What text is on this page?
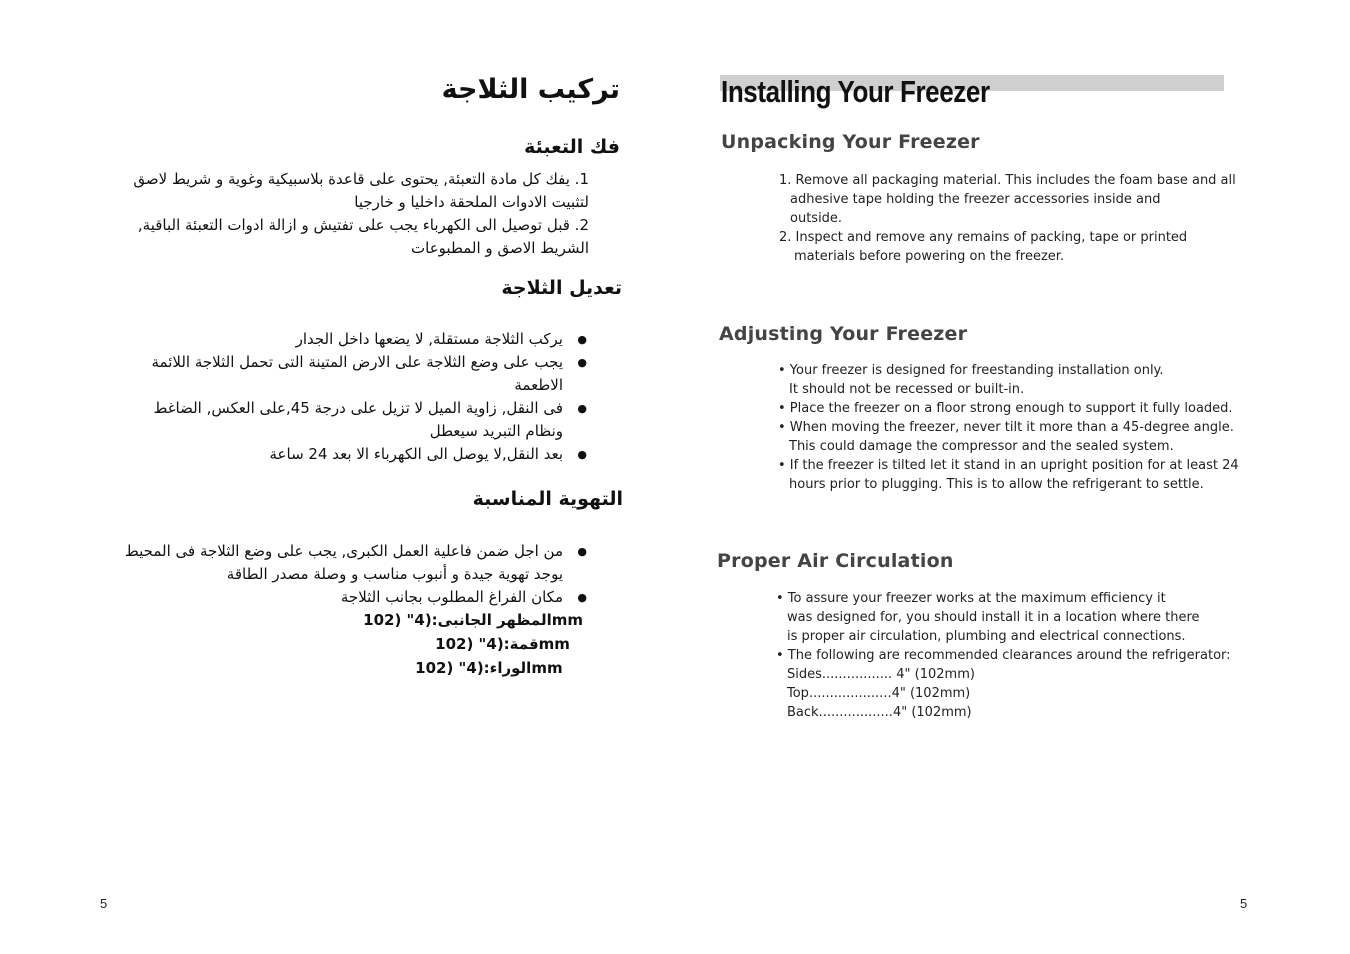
تركيب الثلاجة
فك التعبئة
1. يفك كل مادة التعبئة, يحتوى على قاعدة بلاسبيكية وغوية و شريط لاصق
لتثبيت الادوات الملحقة داخليا و خارجيا
2. قبل توصيل الى الكهرباء يجب على تفتيش و ازالة ادوات التعبئة الباقية,
الشريط الاصق و المطبوعات
تعديل الثلاجة
● يركب الثلاجة مستقلة, لا يضعها داخل الجدار
● يجب على وضع الثلاجة على الارض المتينة التى تحمل الثلاجة اللائمة الاطعمة
● فى النقل, زاوية الميل لا تزيل على درجة 45,على العكس, الضاغط ونظام التبريد سيعطل
● بعد النقل,لا يوصل الى الكهرباء الا بعد 24 ساعة
التهوية المناسبة
● من اجل ضمن فاعلية العمل الكبرى, يجب على وضع الثلاجة فى المحيط يوجد تهوية جيدة و أنبوب مناسب و وصلة مصدر الطاقة
● مكان الفراغ المطلوب بجانب الثلاجة
المظهر الجانبى:(4" (102mm
قمة:(4" (102mm
الوراء:(4" (102mm
5
Installing Your Freezer
Unpacking Your Freezer
1. Remove all packaging material. This includes the foam base and all
adhesive tape holding the freezer accessories inside and
outside.
2. Inspect and remove any remains of packing, tape or printed
materials before powering on the freezer.
Adjusting Your Freezer
• Your freezer is designed for freestanding installation only.
It should not be recessed or built-in.
• Place the freezer on a floor strong enough to support it fully loaded.
• When moving the freezer, never tilt it more than a 45-degree angle.
This could damage the compressor and the sealed system.
• If the freezer is tilted let it stand in an upright position for at least 24
hours prior to plugging. This is to allow the refrigerant to settle.
Proper Air Circulation
• To assure your freezer works at the maximum efficiency it
was designed for, you should install it in a location where there
is proper air circulation, plumbing and electrical connections.
• The following are recommended clearances around the refrigerator:
Sides................. 4" (102mm)
Top....................4" (102mm)
Back..................4" (102mm)
5
